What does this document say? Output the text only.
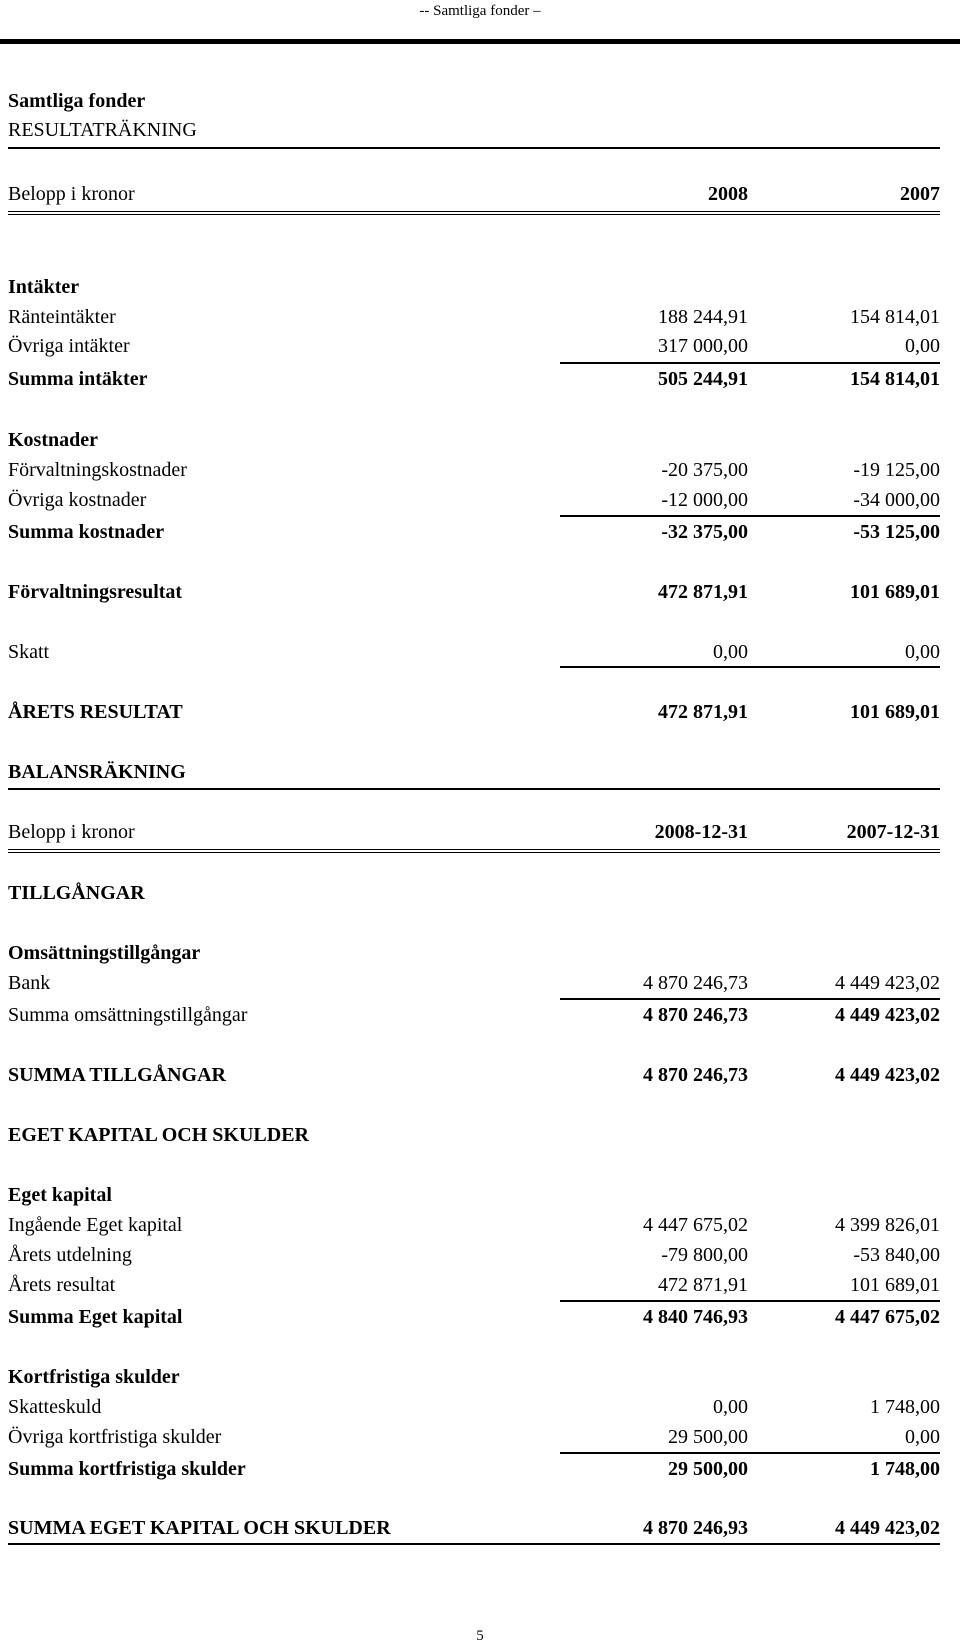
-- Samtliga fonder –
Samtliga fonder
RESULTATRÄKNING
Belopp i kronor	2008	2007
Intäkter
Ränteintäkter	188 244,91	154 814,01
Övriga intäkter	317 000,00	0,00
Summa intäkter	505 244,91	154 814,01
Kostnader
Förvaltningskostnader	-20 375,00	-19 125,00
Övriga kostnader	-12 000,00	-34 000,00
Summa kostnader	-32 375,00	-53 125,00
Förvaltningsresultat	472 871,91	101 689,01
Skatt	0,00	0,00
ÅRETS RESULTAT	472 871,91	101 689,01
BALANSRÄKNING
Belopp i kronor	2008-12-31	2007-12-31
TILLGÅNGAR
Omsättningstillgångar
Bank	4 870 246,73	4 449 423,02
Summa omsättningstillgångar	4 870 246,73	4 449 423,02
SUMMA TILLGÅNGAR	4 870 246,73	4 449 423,02
EGET KAPITAL OCH SKULDER
Eget kapital
Ingående Eget kapital	4 447 675,02	4 399 826,01
Årets utdelning	-79 800,00	-53 840,00
Årets resultat	472 871,91	101 689,01
Summa Eget kapital	4 840 746,93	4 447 675,02
Kortfristiga skulder
Skatteskuld	0,00	1 748,00
Övriga kortfristiga skulder	29 500,00	0,00
Summa kortfristiga skulder	29 500,00	1 748,00
SUMMA EGET KAPITAL OCH SKULDER	4 870 246,93	4 449 423,02
5
